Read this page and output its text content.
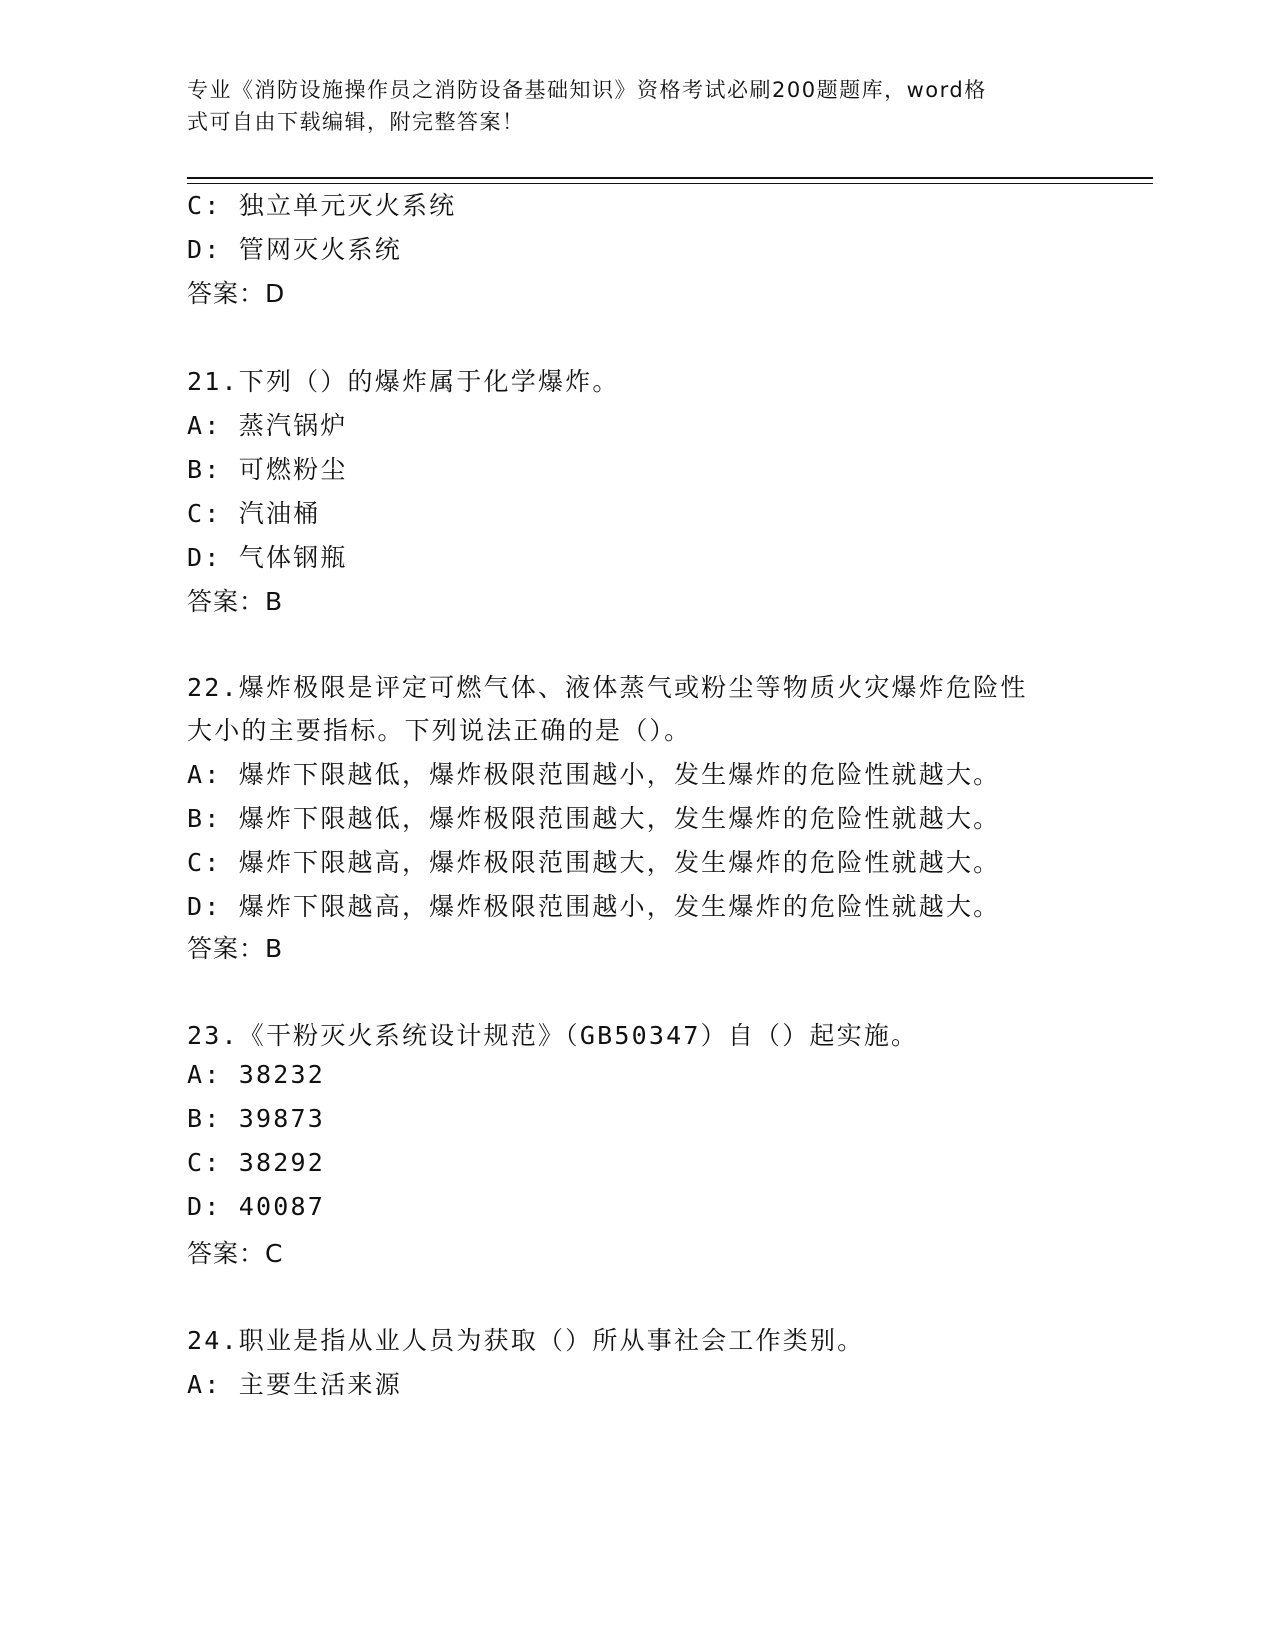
专业《消防设施操作员之消防设备基础知识》资格考试必刷200题题库，word格
式可自由下载编辑，附完整答案！
C: 独立单元灭火系统
D: 管网灭火系统
答案：D
21.下列（）的爆炸属于化学爆炸。
A: 蒸汽锅炉
B: 可燃粉尘
C: 汽油桶
D: 气体钢瓶
答案：B
22.爆炸极限是评定可燃气体、液体蒸气或粉尘等物质火灾爆炸危险性
大小的主要指标。下列说法正确的是（）。
A: 爆炸下限越低，爆炸极限范围越小，发生爆炸的危险性就越大。
B: 爆炸下限越低，爆炸极限范围越大，发生爆炸的危险性就越大。
C: 爆炸下限越高，爆炸极限范围越大，发生爆炸的危险性就越大。
D: 爆炸下限越高，爆炸极限范围越小，发生爆炸的危险性就越大。
答案：B
23.《干粉灭火系统设计规范》（GB50347）自（）起实施。
A: 38232
B: 39873
C: 38292
D: 40087
答案：C
24.职业是指从业人员为获取（）所从事社会工作类别。
A: 主要生活来源
